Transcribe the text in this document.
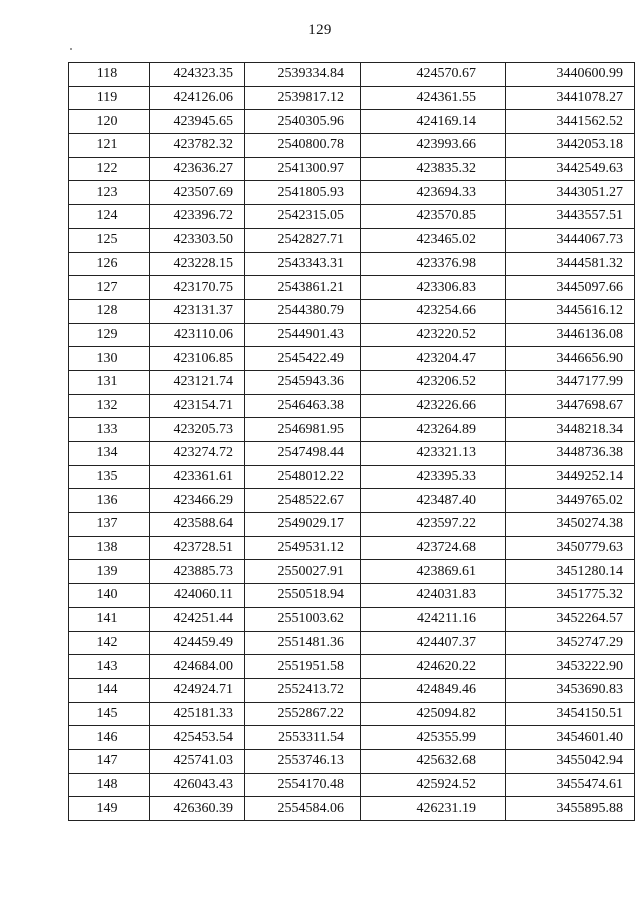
129
118	424323.35	2539334.84	424570.67	3440600.99
119	424126.06	2539817.12	424361.55	3441078.27
120	423945.65	2540305.96	424169.14	3441562.52
121	423782.32	2540800.78	423993.66	3442053.18
122	423636.27	2541300.97	423835.32	3442549.63
123	423507.69	2541805.93	423694.33	3443051.27
124	423396.72	2542315.05	423570.85	3443557.51
125	423303.50	2542827.71	423465.02	3444067.73
126	423228.15	2543343.31	423376.98	3444581.32
127	423170.75	2543861.21	423306.83	3445097.66
128	423131.37	2544380.79	423254.66	3445616.12
129	423110.06	2544901.43	423220.52	3446136.08
130	423106.85	2545422.49	423204.47	3446656.90
131	423121.74	2545943.36	423206.52	3447177.99
132	423154.71	2546463.38	423226.66	3447698.67
133	423205.73	2546981.95	423264.89	3448218.34
134	423274.72	2547498.44	423321.13	3448736.38
135	423361.61	2548012.22	423395.33	3449252.14
136	423466.29	2548522.67	423487.40	3449765.02
137	423588.64	2549029.17	423597.22	3450274.38
138	423728.51	2549531.12	423724.68	3450779.63
139	423885.73	2550027.91	423869.61	3451280.14
140	424060.11	2550518.94	424031.83	3451775.32
141	424251.44	2551003.62	424211.16	3452264.57
142	424459.49	2551481.36	424407.37	3452747.29
143	424684.00	2551951.58	424620.22	3453222.90
144	424924.71	2552413.72	424849.46	3453690.83
145	425181.33	2552867.22	425094.82	3454150.51
146	425453.54	2553311.54	425355.99	3454601.40
147	425741.03	2553746.13	425632.68	3455042.94
148	426043.43	2554170.48	425924.52	3455474.61
149	426360.39	2554584.06	426231.19	3455895.88
